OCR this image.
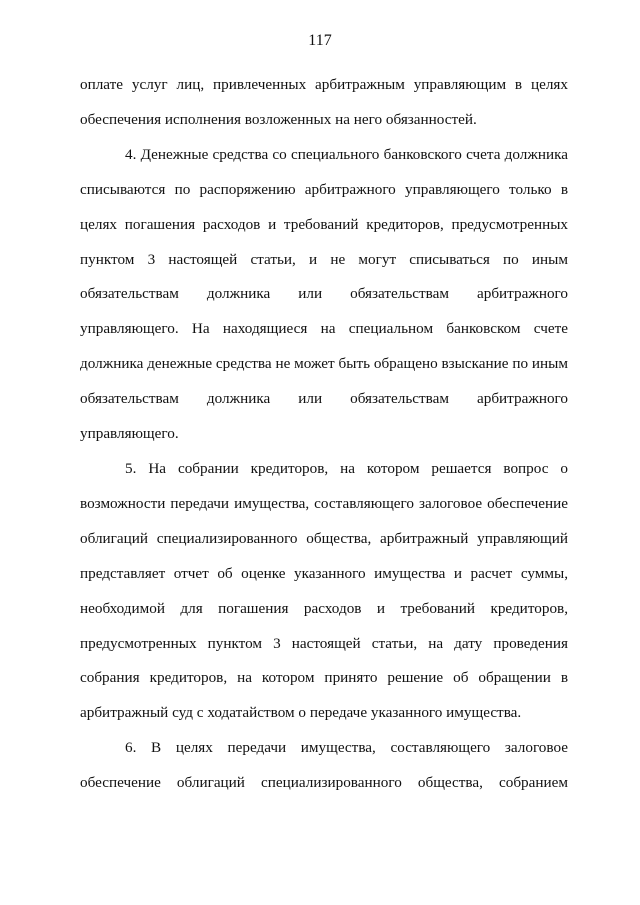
117

оплате услуг лиц, привлеченных арбитражным управляющим в целях
обеспечения исполнения возложенных на него обязанностей.

4. Денежные средства со специального банковского счета должника
списываются по распоряжению арбитражного управляющего только в
целях погашения расходов и требований кредиторов, предусмотренных
пунктом 3 настоящей статьи, и не могут списываться по иным
обязательствам должника или обязательствам арбитражного
управляющего. На находящиеся на специальном банковском счете
должника денежные средства не может быть обращено взыскание по иным
обязательствам должника или обязательствам арбитражного
управляющего.

5. На собрании кредиторов, на котором решается вопрос о
возможности передачи имущества, составляющего залоговое обеспечение
облигаций специализированного общества, арбитражный управляющий
представляет отчет об оценке указанного имущества и расчет суммы,
необходимой для погашения расходов и требований кредиторов,
предусмотренных пунктом 3 настоящей статьи, на дату проведения
собрания кредиторов, на котором принято решение об обращении в
арбитражный суд с ходатайством о передаче указанного имущества.

6. В целях передачи имущества, составляющего залоговое
обеспечение облигаций специализированного общества, собранием
